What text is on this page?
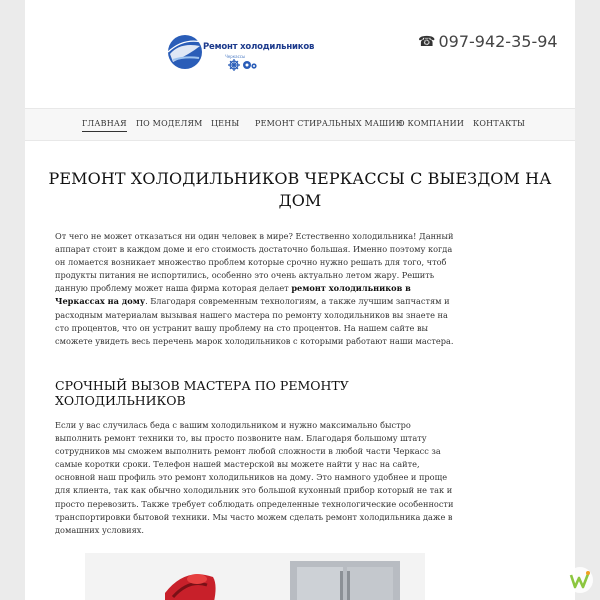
Ремонт холодильников
Черкассы
☎ 097-942-35-94
ГЛАВНАЯ ПО МОДЕЛЯМ ЦЕНЫ РЕМОНТ СТИРАЛЬНЫХ МАШИН
О КОМПАНИИ КОНТАКТЫ
РЕМОНТ ХОЛОДИЛЬНИКОВ ЧЕРКАССЫ С ВЫЕЗДОМ НА ДОМ

От чего не может отказаться ни один человек в мире? Естественно холодильника! Данный аппарат стоит в каждом доме и его стоимость достаточно большая. Именно поэтому когда он ломается возникает множество проблем которые срочно нужно решать для того, чтоб продукты питания не испортились, особенно это очень актуально летом жару. Решить данную проблему может наша фирма которая делает ремонт холодильников в Черкассах на дому. Благодаря современным технологиям, а также лучшим запчастям и расходным материалам вызывая нашего мастера по ремонту холодильников вы знаете на сто процентов, что он устранит вашу проблему на сто процентов. На нашем сайте вы сможете увидеть весь перечень марок холодильников с которыми работают наши мастера.

СРОЧНЫЙ ВЫЗОВ МАСТЕРА ПО РЕМОНТУ ХОЛОДИЛЬНИКОВ

Если у вас случилась беда с вашим холодильником и нужно максимально быстро выполнить ремонт техники то, вы просто позвоните нам. Благодаря большому штату сотрудников мы сможем выполнить ремонт любой сложности в любой части Черкасс за самые коротки сроки. Телефон нашей мастерской вы можете найти у нас на сайте, основной наш профиль это ремонт холодильников на дому. Это намного удобнее и проще для клиента, так как обычно холодильник это большой кухонный прибор который не так и просто перевозить. Также требует соблюдать определенные технологические особенности транспортировки бытовой техники. Мы часто можем сделать ремонт холодильника даже в домашних условиях.
